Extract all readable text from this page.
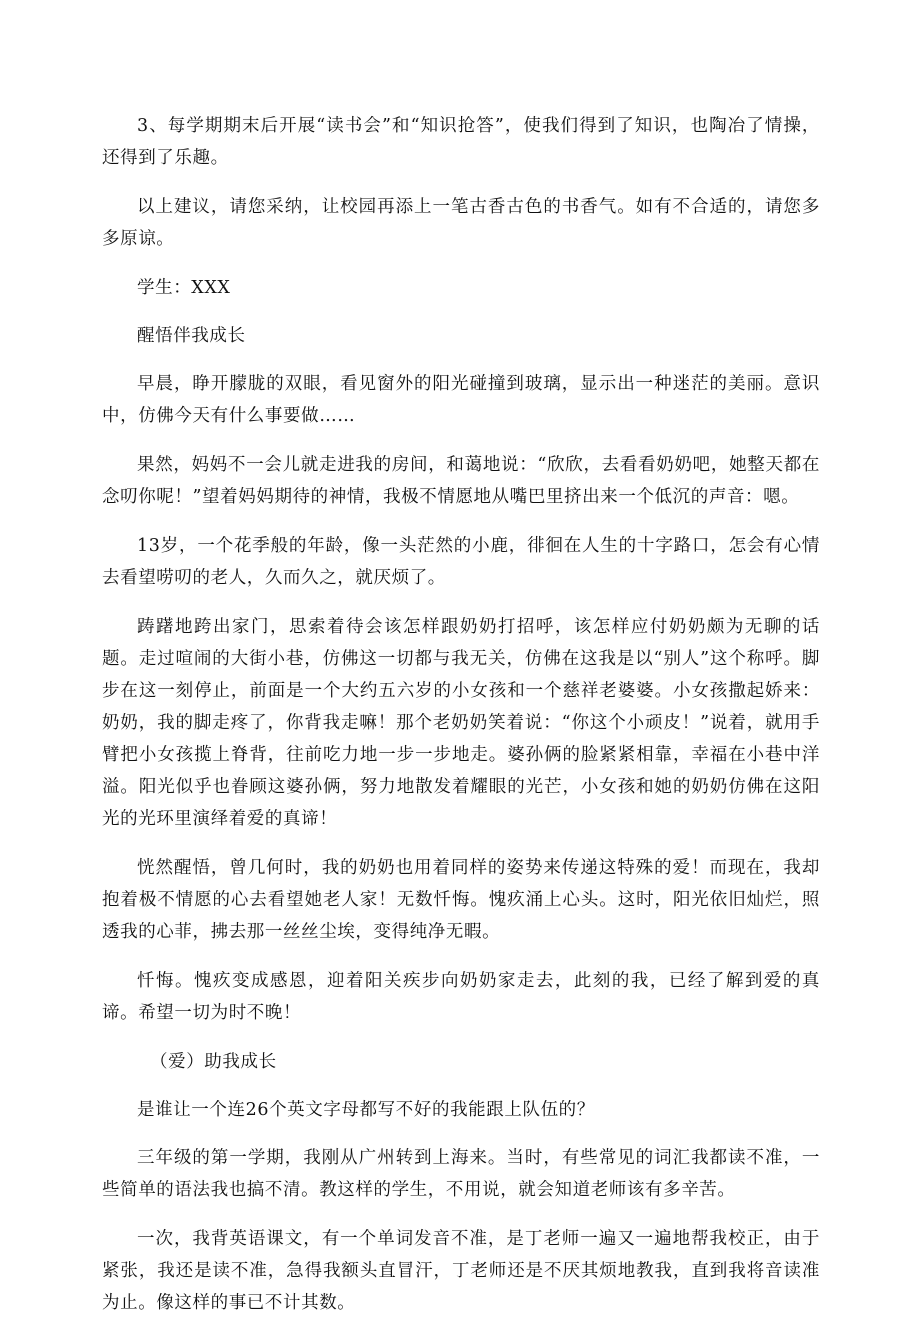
3、每学期期末后开展“读书会”和“知识抢答”，使我们得到了知识，也陶冶了情操，还得到了乐趣。

以上建议，请您采纳，让校园再添上一笔古香古色的书香气。如有不合适的，请您多多原谅。

学生：XXX

醒悟伴我成长

早晨，睁开朦胧的双眼，看见窗外的阳光碰撞到玻璃，显示出一种迷茫的美丽。意识中，仿佛今天有什么事要做……

果然，妈妈不一会儿就走进我的房间，和蔼地说：“欣欣，去看看奶奶吧，她整天都在念叨你呢！”望着妈妈期待的神情，我极不情愿地从嘴巴里挤出来一个低沉的声音：嗯。

13岁，一个花季般的年龄，像一头茫然的小鹿，徘徊在人生的十字路口，怎会有心情去看望唠叨的老人，久而久之，就厌烦了。

踌躇地跨出家门，思索着待会该怎样跟奶奶打招呼，该怎样应付奶奶颇为无聊的话题。走过喧闹的大街小巷，仿佛这一切都与我无关，仿佛在这我是以“别人”这个称呼。脚步在这一刻停止，前面是一个大约五六岁的小女孩和一个慈祥老婆婆。小女孩撒起娇来：奶奶，我的脚走疼了，你背我走嘛！那个老奶奶笑着说：“你这个小顽皮！”说着，就用手臂把小女孩揽上脊背，往前吃力地一步一步地走。婆孙俩的脸紧紧相靠，幸福在小巷中洋溢。阳光似乎也眷顾这婆孙俩，努力地散发着耀眼的光芒，小女孩和她的奶奶仿佛在这阳光的光环里演绎着爱的真谛！

恍然醒悟，曾几何时，我的奶奶也用着同样的姿势来传递这特殊的爱！而现在，我却抱着极不情愿的心去看望她老人家！无数忏悔。愧疚涌上心头。这时，阳光依旧灿烂，照透我的心菲，拂去那一丝丝尘埃，变得纯净无暇。

忏悔。愧疚变成感恩，迎着阳关疾步向奶奶家走去，此刻的我，已经了解到爱的真谛。希望一切为时不晚！

（爱）助我成长

是谁让一个连26个英文字母都写不好的我能跟上队伍的？

三年级的第一学期，我刚从广州转到上海来。当时，有些常见的词汇我都读不准，一些简单的语法我也搞不清。教这样的学生，不用说，就会知道老师该有多辛苦。

一次，我背英语课文，有一个单词发音不准，是丁老师一遍又一遍地帮我校正，由于紧张，我还是读不准，急得我额头直冒汗，丁老师还是不厌其烦地教我，直到我将音读准为止。像这样的事已不计其数。
